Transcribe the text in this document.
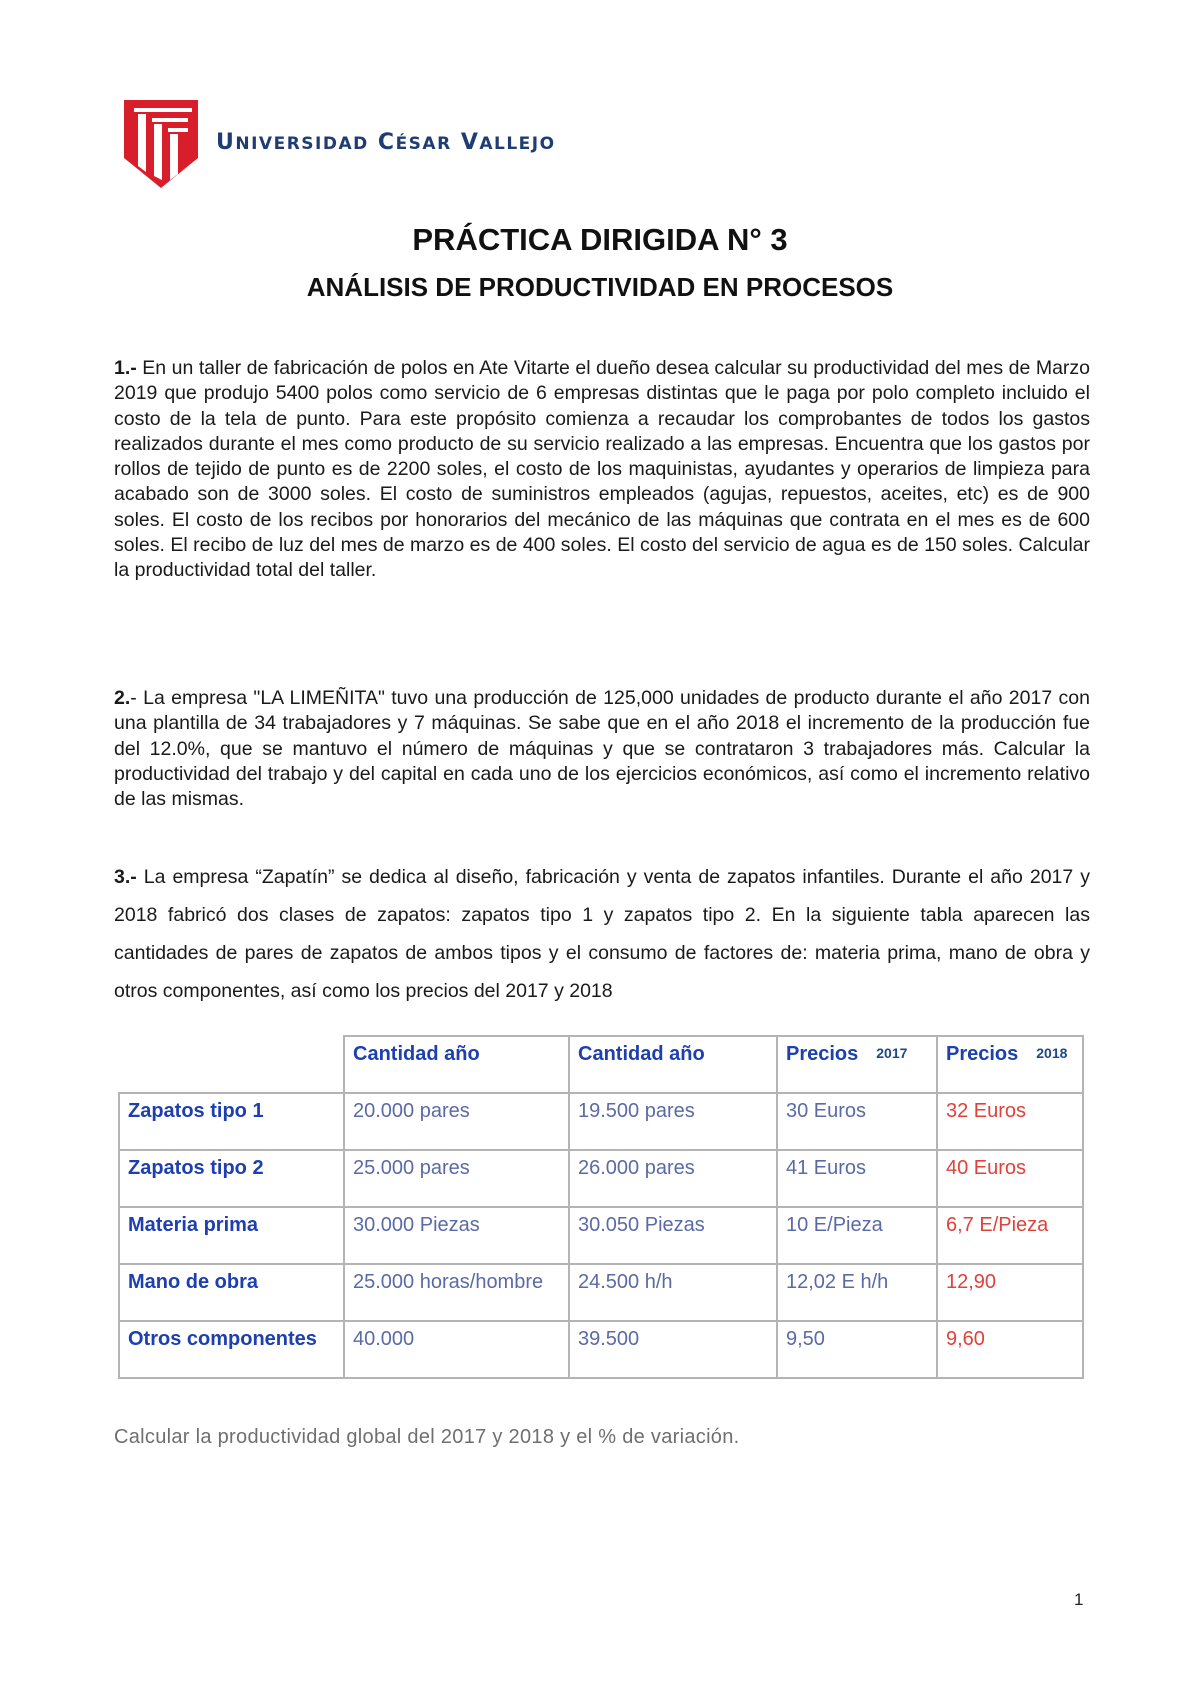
UNIVERSIDAD CÉSAR VALLEJO
PRÁCTICA DIRIGIDA N° 3
ANÁLISIS DE PRODUCTIVIDAD EN PROCESOS

1.- En un taller de fabricación de polos en Ate Vitarte el dueño desea calcular su productividad del mes de Marzo 2019 que produjo 5400 polos como servicio de 6 empresas distintas que le paga por polo completo incluido el costo de la tela de punto. Para este propósito comienza a recaudar los comprobantes de todos los gastos realizados durante el mes como producto de su servicio realizado a las empresas. Encuentra que los gastos por rollos de tejido de punto es de 2200 soles, el costo de los maquinistas, ayudantes y operarios de limpieza para acabado son de 3000 soles. El costo de suministros empleados (agujas, repuestos, aceites, etc) es de 900 soles. El costo de los recibos por honorarios del mecánico de las máquinas que contrata en el mes es de 600 soles. El recibo de luz del mes de marzo es de 400 soles. El costo del servicio de agua es de 150 soles. Calcular la productividad total del taller.

2.- La empresa "LA LIMEÑITA" tuvo una producción de 125,000 unidades de producto durante el año 2017 con una plantilla de 34 trabajadores y 7 máquinas. Se sabe que en el año 2018 el incremento de la producción fue del 12.0%, que se mantuvo el número de máquinas y que se contrataron 3 trabajadores más. Calcular la productividad del trabajo y del capital en cada uno de los ejercicios económicos, así como el incremento relativo de las mismas.

3.- La empresa “Zapatín” se dedica al diseño, fabricación y venta de zapatos infantiles. Durante el año 2017 y 2018 fabricó dos clases de zapatos: zapatos tipo 1 y zapatos tipo 2. En la siguiente tabla aparecen las cantidades de pares de zapatos de ambos tipos y el consumo de factores de: materia prima, mano de obra y otros componentes, así como los precios del 2017 y 2018

	Cantidad año	Cantidad año	Precios 2017	Precios 2018
Zapatos tipo 1	20.000 pares	19.500 pares	30 Euros	32 Euros
Zapatos tipo 2	25.000 pares	26.000 pares	41 Euros	40 Euros
Materia prima	30.000 Piezas	30.050 Piezas	10 E/Pieza	6,7 E/Pieza
Mano de obra	25.000 horas/hombre	24.500 h/h	12,02 E h/h	12,90
Otros componentes	40.000	39.500	9,50	9,60
Calcular la productividad global del 2017 y 2018 y el % de variación.
1
